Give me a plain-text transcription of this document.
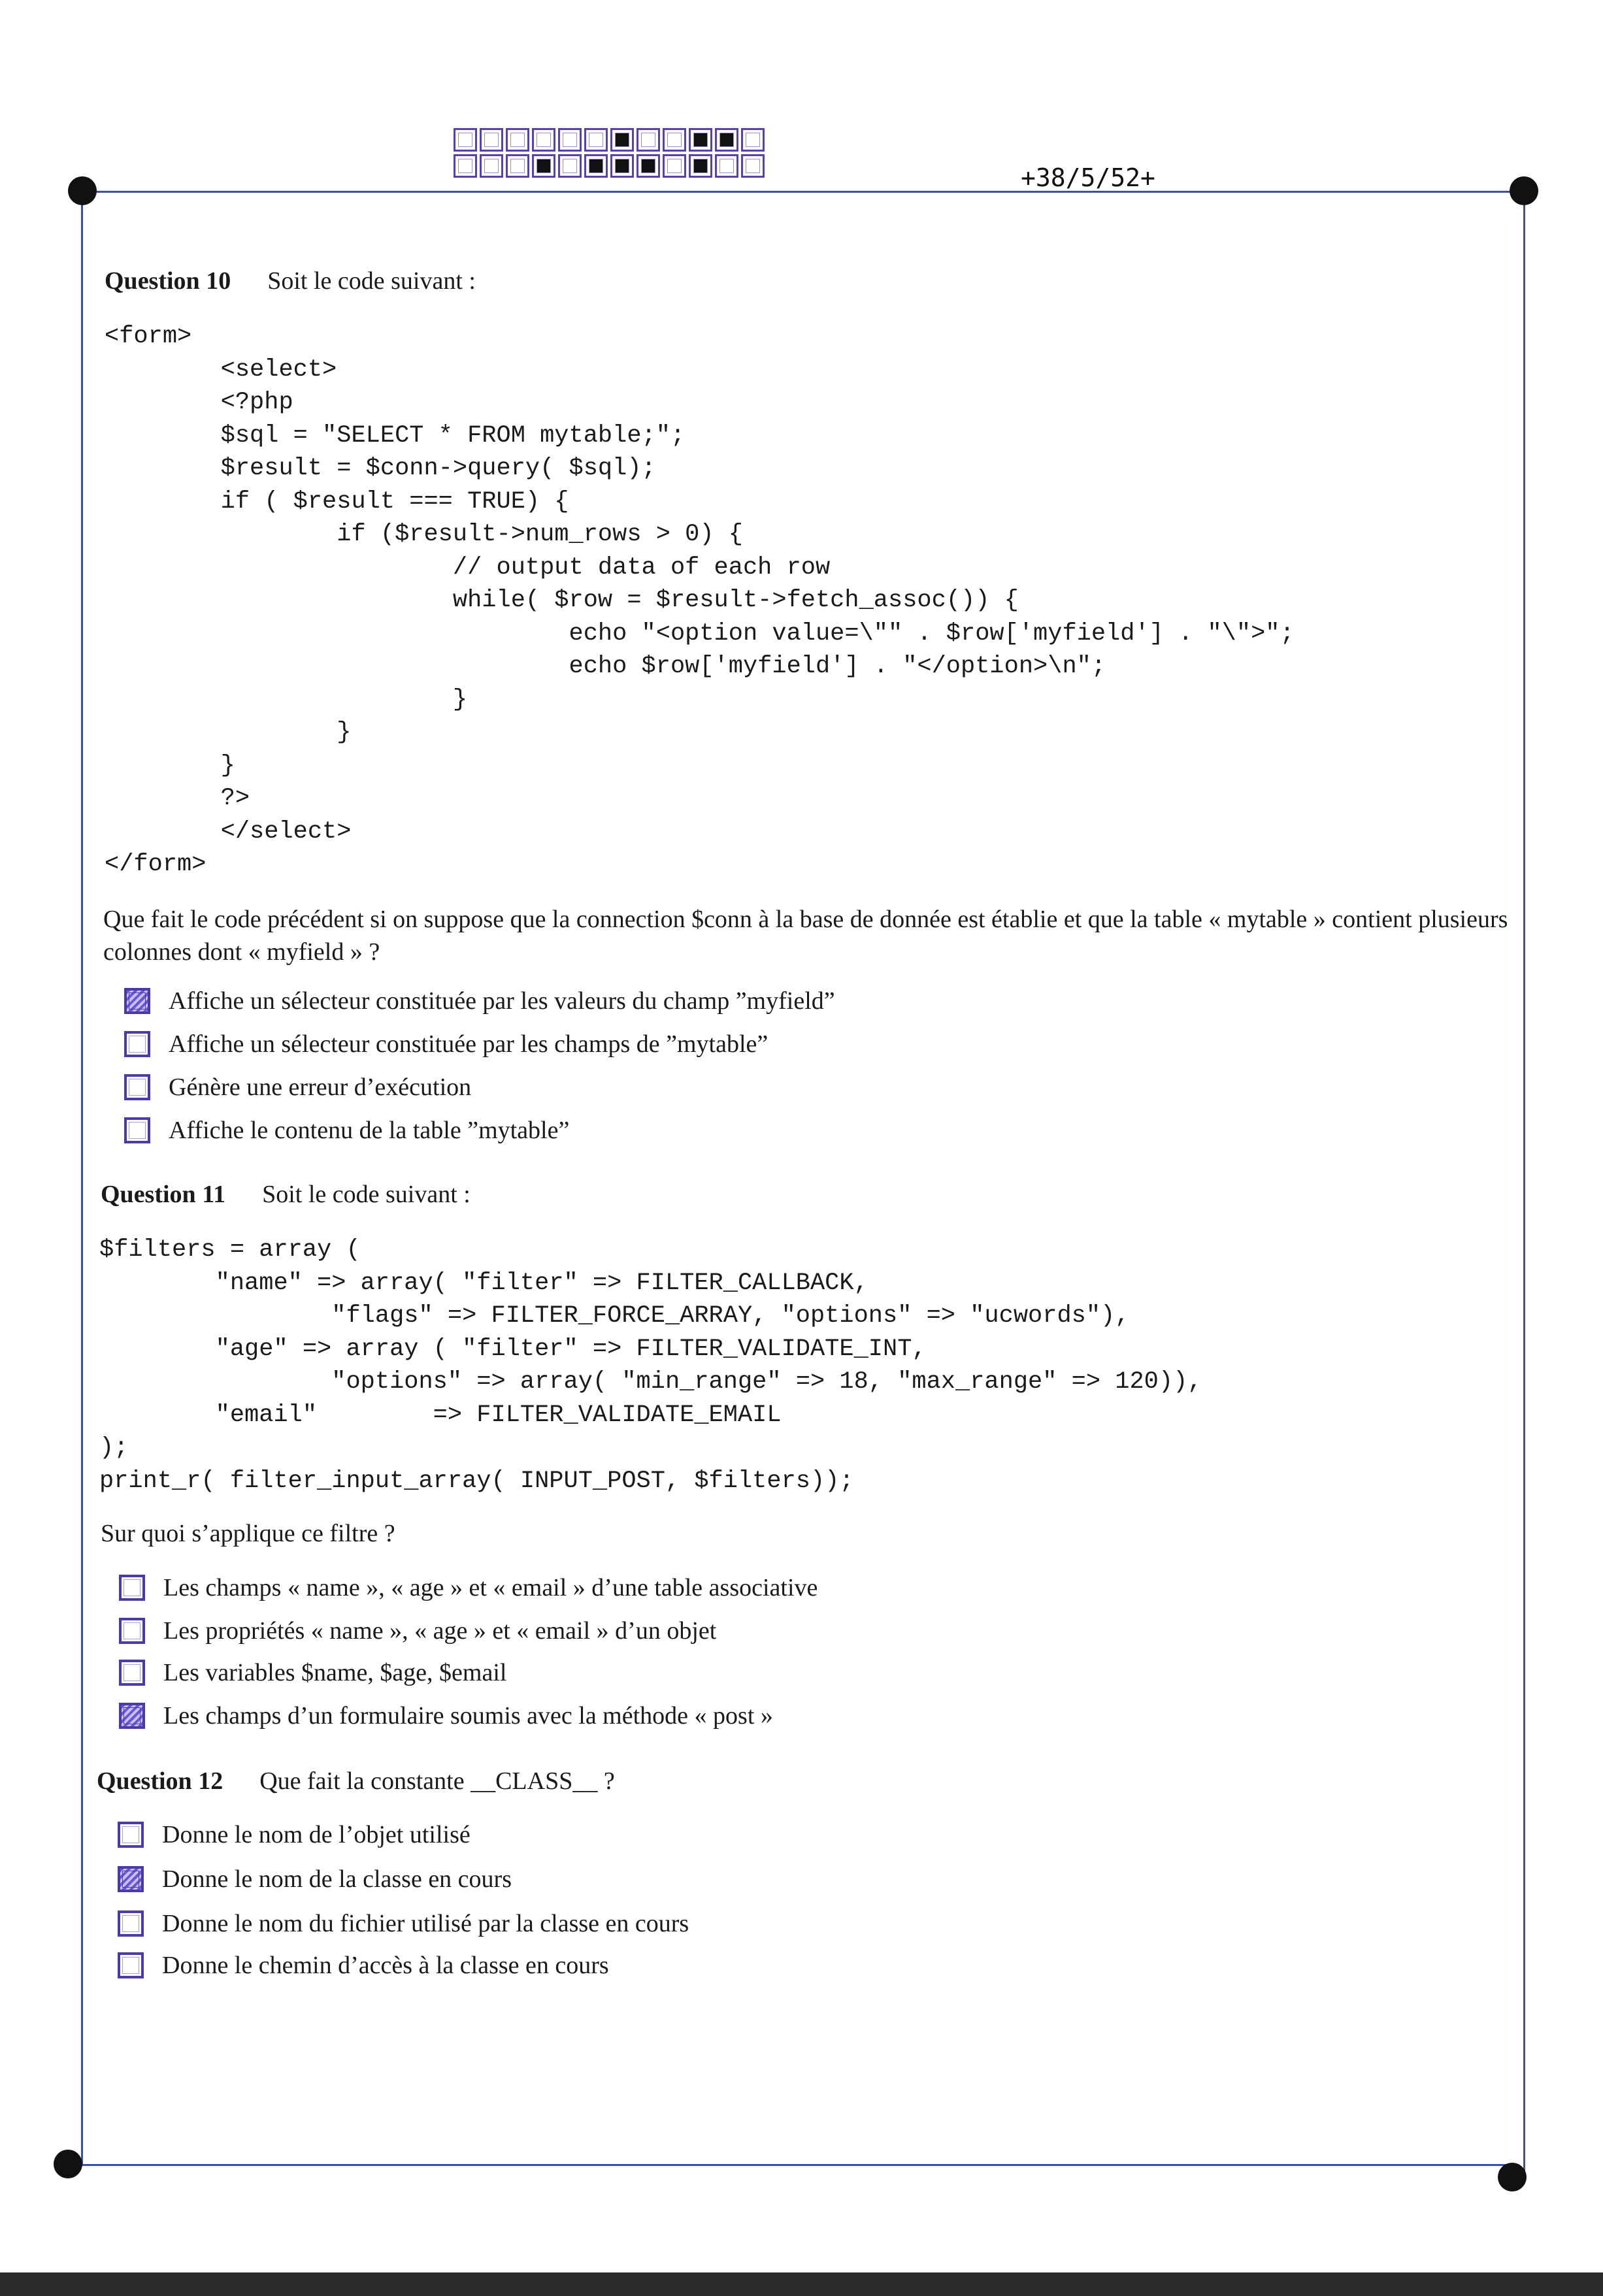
+38/5/52+
Question 10 Soit le code suivant :
<form>
<select>
<?php
$sql = "SELECT * FROM mytable;";
$result = $conn->query( $sql);
if ( $result === TRUE) {
if ($result->num_rows > 0) {
// output data of each row
while( $row = $result->fetch_assoc()) {
echo "<option value=\"" . $row['myfield'] . "\">";
echo $row['myfield'] . "</option>\n";
}
}
}
?>
</select>
</form>
Que fait le code précédent si on suppose que la connection $conn à la base de donnée est établie et que la table « mytable » contient plusieurs colonnes dont « myfield » ?
Affiche un sélecteur constituée par les valeurs du champ ”myfield”
Affiche un sélecteur constituée par les champs de ”mytable”
Génère une erreur d’exécution
Affiche le contenu de la table ”mytable”
Question 11 Soit le code suivant :
$filters = array (
"name" => array( "filter" => FILTER_CALLBACK,
"flags" => FILTER_FORCE_ARRAY, "options" => "ucwords"),
"age" => array ( "filter" => FILTER_VALIDATE_INT,
"options" => array( "min_range" => 18, "max_range" => 120)),
"email"        => FILTER_VALIDATE_EMAIL
);
print_r( filter_input_array( INPUT_POST, $filters));
Sur quoi s’applique ce filtre ?
Les champs « name », « age » et « email » d’une table associative
Les propriétés « name », « age » et « email » d’un objet
Les variables $name, $age, $email
Les champs d’un formulaire soumis avec la méthode « post »
Question 12 Que fait la constante __CLASS__ ?
Donne le nom de l’objet utilisé
Donne le nom de la classe en cours
Donne le nom du fichier utilisé par la classe en cours
Donne le chemin d’accès à la classe en cours
